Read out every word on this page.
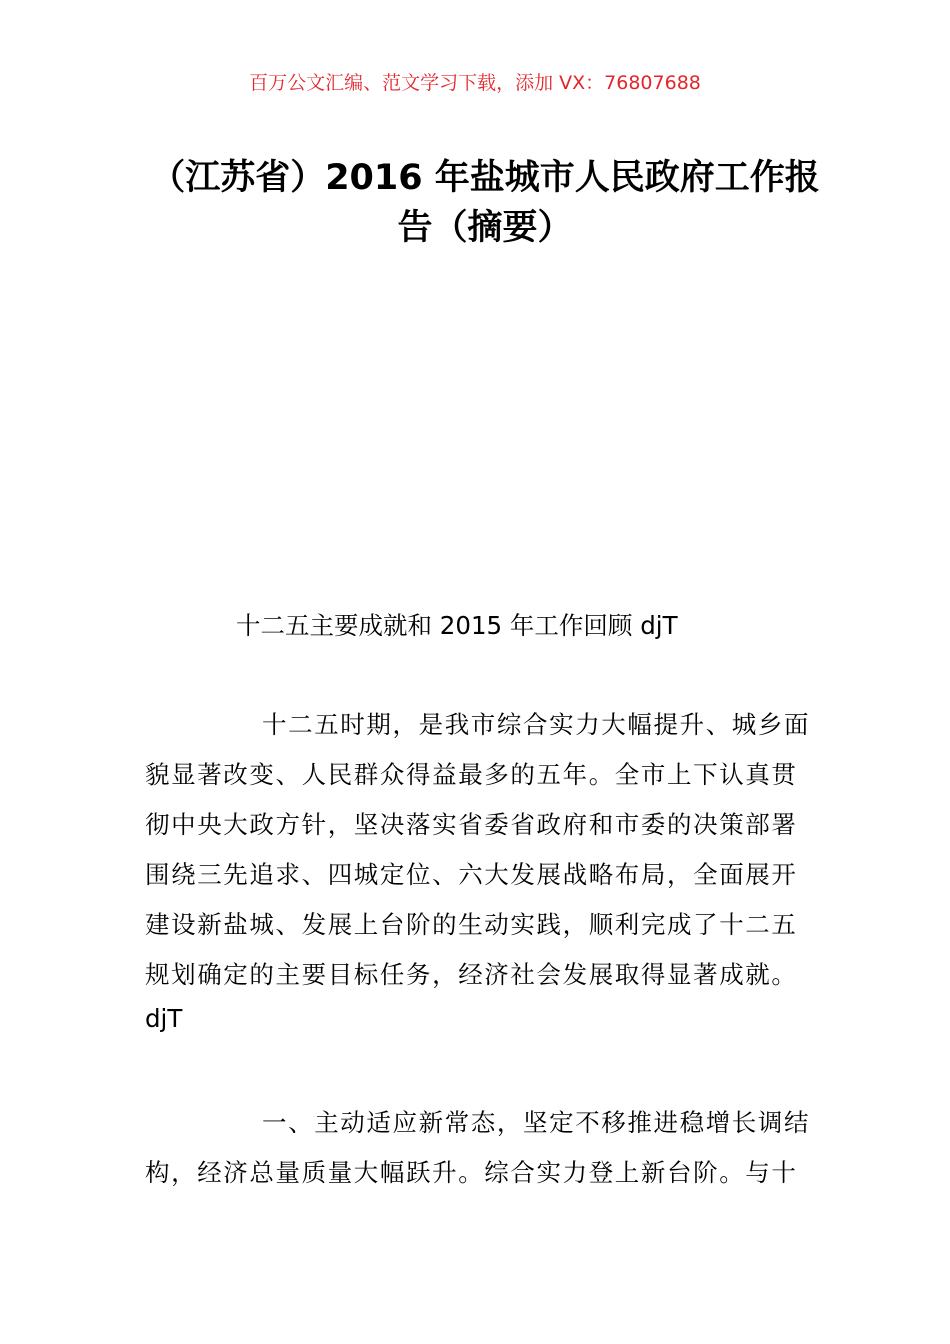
百万公文汇编、范文学习下载，添加 VX：76807688
（江苏省）2016 年盐城市人民政府工作报
告（摘要）
十二五主要成就和 2015 年工作回顾 djT
十二五时期，是我市综合实力大幅提升、城乡面
貌显著改变、人民群众得益最多的五年。全市上下认真贯
彻中央大政方针，坚决落实省委省政府和市委的决策部署
围绕三先追求、四城定位、六大发展战略布局，全面展开
建设新盐城、发展上台阶的生动实践，顺利完成了十二五
规划确定的主要目标任务，经济社会发展取得显著成就。
djT
一、主动适应新常态，坚定不移推进稳增长调结
构，经济总量质量大幅跃升。综合实力登上新台阶。与十
